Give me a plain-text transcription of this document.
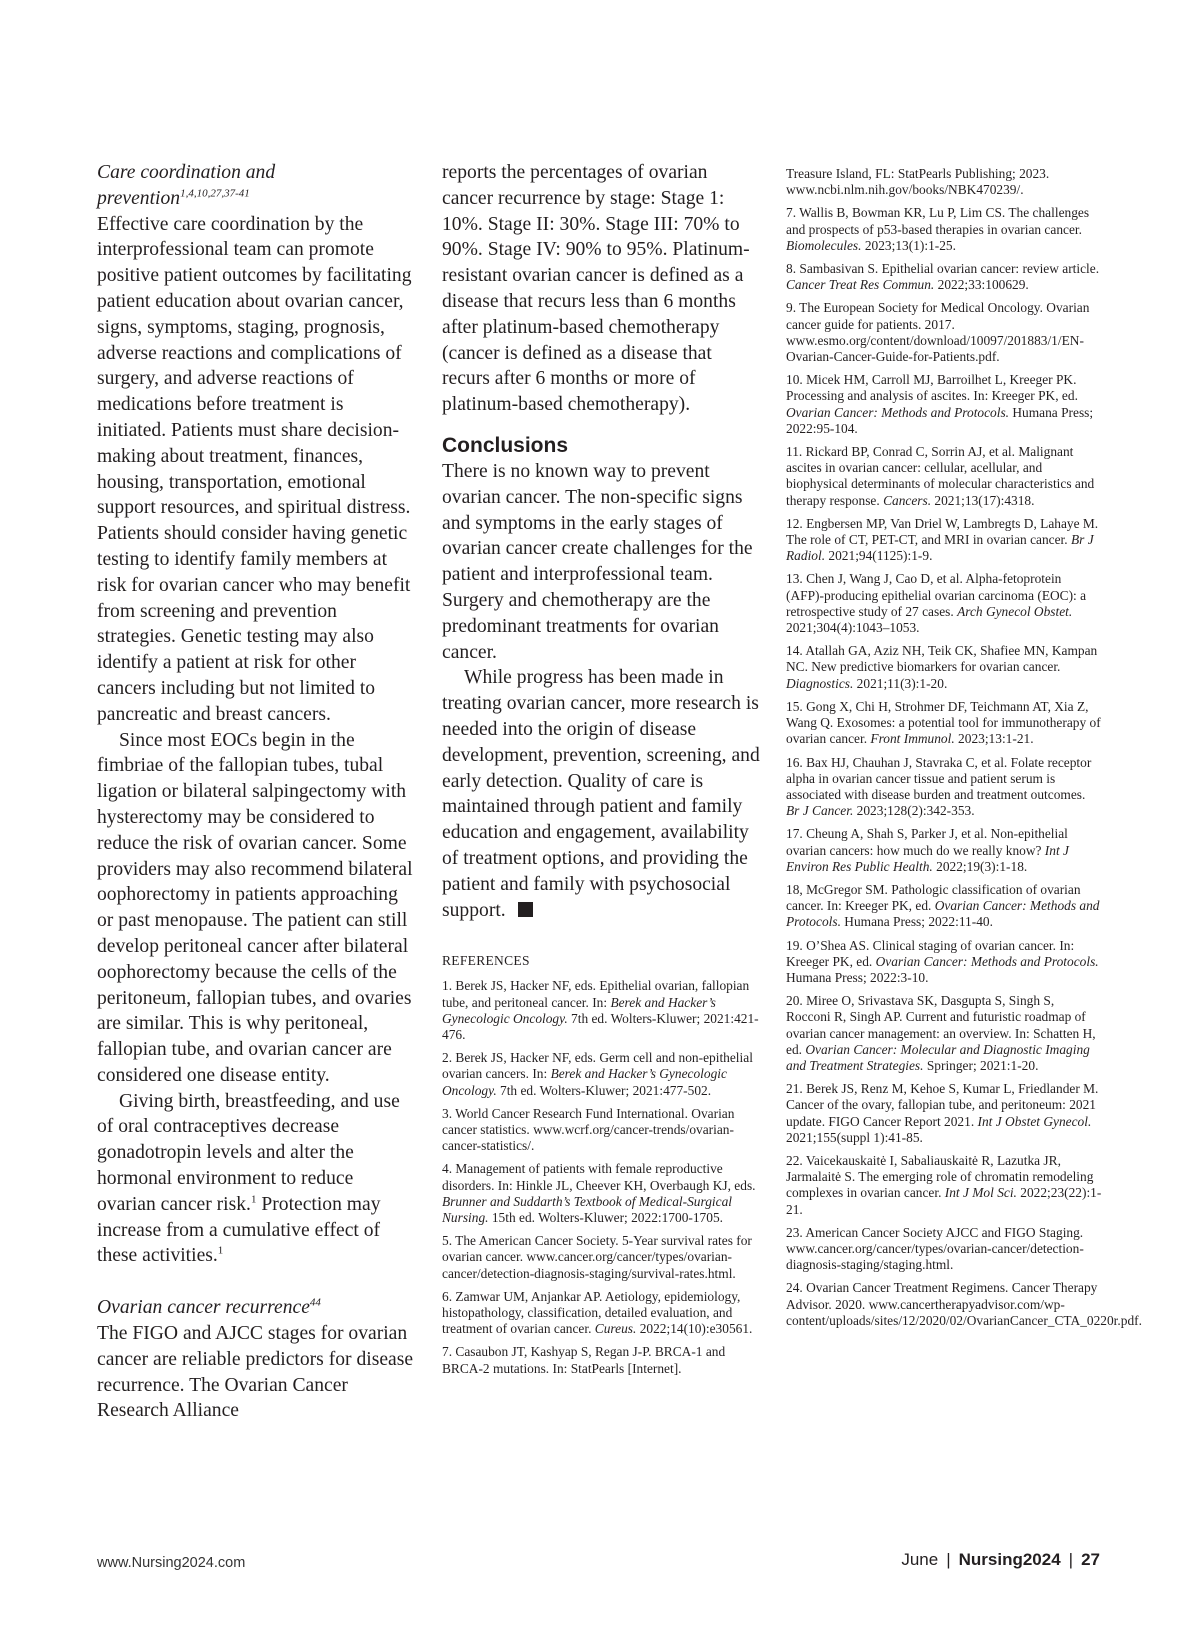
Care coordination and prevention$^{1,4,10,27,37-41}$

Effective care coordination by the interprofessional team can promote positive patient outcomes by facilitating patient education about ovarian cancer, signs, symptoms, staging, prognosis, adverse reactions and complications of surgery, and adverse reactions of medications before treatment is initiated. Patients must share decision-making about treatment, finances, housing, transportation, emotional support resources, and spiritual distress. Patients should consider having genetic testing to identify family members at risk for ovarian cancer who may benefit from screening and prevention strategies. Genetic testing may also identify a patient at risk for other cancers including but not limited to pancreatic and breast cancers.

Since most EOCs begin in the fimbriae of the fallopian tubes, tubal ligation or bilateral salpingectomy with hysterectomy may be considered to reduce the risk of ovarian cancer. Some providers may also recommend bilateral oophorectomy in patients approaching or past menopause. The patient can still develop peritoneal cancer after bilateral oophorectomy because the cells of the peritoneum, fallopian tubes, and ovaries are similar. This is why peritoneal, fallopian tube, and ovarian cancer are considered one disease entity.

Giving birth, breastfeeding, and use of oral contraceptives decrease gonadotropin levels and alter the hormonal environment to reduce ovarian cancer risk.$^1$ Protection may increase from a cumulative effect of these activities.$^1$

Ovarian cancer recurrence$^{44}$

The FIGO and AJCC stages for ovarian cancer are reliable predictors for disease recurrence. The Ovarian Cancer Research Alliance

reports the percentages of ovarian cancer recurrence by stage: Stage 1: 10%. Stage II: 30%. Stage III: 70% to 90%. Stage IV: 90% to 95%. Platinum-resistant ovarian cancer is defined as a disease that recurs less than 6 months after platinum-based chemotherapy (cancer is defined as a disease that recurs after 6 months or more of platinum-based chemotherapy).

Conclusions

There is no known way to prevent ovarian cancer. The non-specific signs and symptoms in the early stages of ovarian cancer create challenges for the patient and interprofessional team. Surgery and chemotherapy are the predominant treatments for ovarian cancer.

While progress has been made in treating ovarian cancer, more research is needed into the origin of disease development, prevention, screening, and early detection. Quality of care is maintained through patient and family education and engagement, availability of treatment options, and providing the patient and family with psychosocial support.

REFERENCES

1. Berek JS, Hacker NF, eds. Epithelial ovarian, fallopian tube, and peritoneal cancer. In: Berek and Hacker’s Gynecologic Oncology. 7th ed. Wolters-Kluwer; 2021:421-476.

2. Berek JS, Hacker NF, eds. Germ cell and non-epithelial ovarian cancers. In: Berek and Hacker’s Gynecologic Oncology. 7th ed. Wolters-Kluwer; 2021:477-502.

3. World Cancer Research Fund International. Ovarian cancer statistics. www.wcrf.org/cancer-trends/ovarian-cancer-statistics/.

4. Management of patients with female reproductive disorders. In: Hinkle JL, Cheever KH, Overbaugh KJ, eds. Brunner and Suddarth’s Textbook of Medical-Surgical Nursing. 15th ed. Wolters-Kluwer; 2022:1700-1705.

5. The American Cancer Society. 5-Year survival rates for ovarian cancer. www.cancer.org/cancer/types/ovarian-cancer/detection-diagnosis-staging/survival-rates.html.

6. Zamwar UM, Anjankar AP. Aetiology, epidemiology, histopathology, classification, detailed evaluation, and treatment of ovarian cancer. Cureus. 2022;14(10):e30561.

7. Casaubon JT, Kashyap S, Regan J-P. BRCA-1 and BRCA-2 mutations. In: StatPearls [Internet].

Treasure Island, FL: StatPearls Publishing; 2023. www.ncbi.nlm.nih.gov/books/NBK470239/.

7. Wallis B, Bowman KR, Lu P, Lim CS. The challenges and prospects of p53-based therapies in ovarian cancer. Biomolecules. 2023;13(1):1-25.

8. Sambasivan S. Epithelial ovarian cancer: review article. Cancer Treat Res Commun. 2022;33:100629.

9. The European Society for Medical Oncology. Ovarian cancer guide for patients. 2017. www.esmo.org/content/download/10097/201883/1/EN-Ovarian-Cancer-Guide-for-Patients.pdf.

10. Micek HM, Carroll MJ, Barroilhet L, Kreeger PK. Processing and analysis of ascites. In: Kreeger PK, ed. Ovarian Cancer: Methods and Protocols. Humana Press; 2022:95-104.

11. Rickard BP, Conrad C, Sorrin AJ, et al. Malignant ascites in ovarian cancer: cellular, acellular, and biophysical determinants of molecular characteristics and therapy response. Cancers. 2021;13(17):4318.

12. Engbersen MP, Van Driel W, Lambregts D, Lahaye M. The role of CT, PET-CT, and MRI in ovarian cancer. Br J Radiol. 2021;94(1125):1-9.

13. Chen J, Wang J, Cao D, et al. Alpha-fetoprotein (AFP)-producing epithelial ovarian carcinoma (EOC): a retrospective study of 27 cases. Arch Gynecol Obstet. 2021;304(4):1043–1053.

14. Atallah GA, Aziz NH, Teik CK, Shafiee MN, Kampan NC. New predictive biomarkers for ovarian cancer. Diagnostics. 2021;11(3):1-20.

15. Gong X, Chi H, Strohmer DF, Teichmann AT, Xia Z, Wang Q. Exosomes: a potential tool for immunotherapy of ovarian cancer. Front Immunol. 2023;13:1-21.

16. Bax HJ, Chauhan J, Stavraka C, et al. Folate receptor alpha in ovarian cancer tissue and patient serum is associated with disease burden and treatment outcomes. Br J Cancer. 2023;128(2):342-353.

17. Cheung A, Shah S, Parker J, et al. Non-epithelial ovarian cancers: how much do we really know? Int J Environ Res Public Health. 2022;19(3):1-18.

18, McGregor SM. Pathologic classification of ovarian cancer. In: Kreeger PK, ed. Ovarian Cancer: Methods and Protocols. Humana Press; 2022:11-40.

19. O’Shea AS. Clinical staging of ovarian cancer. In: Kreeger PK, ed. Ovarian Cancer: Methods and Protocols. Humana Press; 2022:3-10.

20. Miree O, Srivastava SK, Dasgupta S, Singh S, Rocconi R, Singh AP. Current and futuristic roadmap of ovarian cancer management: an overview. In: Schatten H, ed. Ovarian Cancer: Molecular and Diagnostic Imaging and Treatment Strategies. Springer; 2021:1-20.

21. Berek JS, Renz M, Kehoe S, Kumar L, Friedlander M. Cancer of the ovary, fallopian tube, and peritoneum: 2021 update. FIGO Cancer Report 2021. Int J Obstet Gynecol. 2021;155(suppl 1):41-85.

22. Vaicekauskaitė I, Sabaliauskaitė R, Lazutka JR, Jarmalaitė S. The emerging role of chromatin remodeling complexes in ovarian cancer. Int J Mol Sci. 2022;23(22):1-21.

23. American Cancer Society AJCC and FIGO Staging. www.cancer.org/cancer/types/ovarian-cancer/detection-diagnosis-staging/staging.html.

24. Ovarian Cancer Treatment Regimens. Cancer Therapy Advisor. 2020. www.cancertherapyadvisor.com/wp-content/uploads/sites/12/2020/02/OvarianCancer_CTA_0220r.pdf.

www.Nursing2024.com	June | Nursing2024 | 27
